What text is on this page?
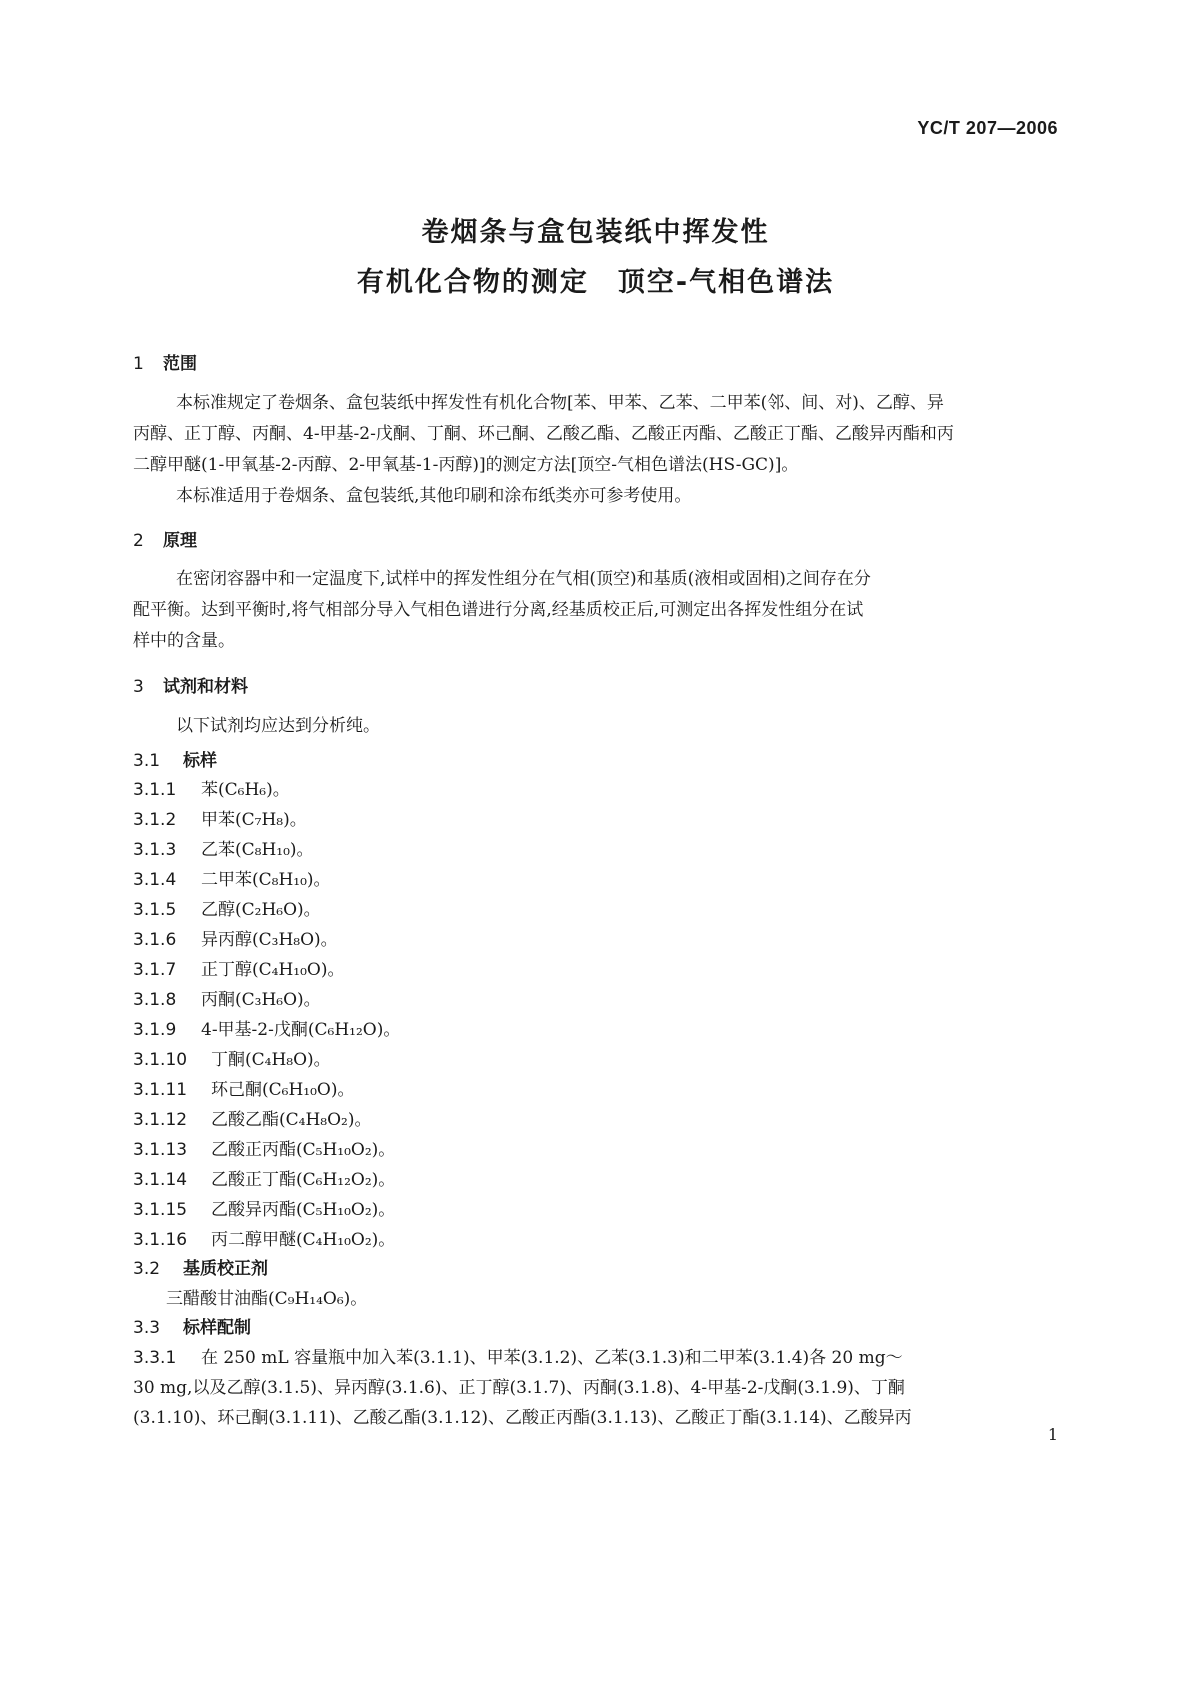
YC/T 207—2006
卷烟条与盒包装纸中挥发性
有机化合物的测定　顶空-气相色谱法
1 范围
本标准规定了卷烟条、盒包装纸中挥发性有机化合物[苯、甲苯、乙苯、二甲苯(邻、间、对)、乙醇、异
丙醇、正丁醇、丙酮、4-甲基-2-戊酮、丁酮、环己酮、乙酸乙酯、乙酸正丙酯、乙酸正丁酯、乙酸异丙酯和丙
二醇甲醚(1-甲氧基-2-丙醇、2-甲氧基-1-丙醇)]的测定方法[顶空-气相色谱法(HS-GC)]。
本标准适用于卷烟条、盒包装纸,其他印刷和涂布纸类亦可参考使用。
2 原理
在密闭容器中和一定温度下,试样中的挥发性组分在气相(顶空)和基质(液相或固相)之间存在分
配平衡。达到平衡时,将气相部分导入气相色谱进行分离,经基质校正后,可测定出各挥发性组分在试
样中的含量。
3 试剂和材料
以下试剂均应达到分析纯。
3.1 标样
3.1.1 苯(C₆H₆)。
3.1.2 甲苯(C₇H₈)。
3.1.3 乙苯(C₈H₁₀)。
3.1.4 二甲苯(C₈H₁₀)。
3.1.5 乙醇(C₂H₆O)。
3.1.6 异丙醇(C₃H₈O)。
3.1.7 正丁醇(C₄H₁₀O)。
3.1.8 丙酮(C₃H₆O)。
3.1.9 4-甲基-2-戊酮(C₆H₁₂O)。
3.1.10 丁酮(C₄H₈O)。
3.1.11 环己酮(C₆H₁₀O)。
3.1.12 乙酸乙酯(C₄H₈O₂)。
3.1.13 乙酸正丙酯(C₅H₁₀O₂)。
3.1.14 乙酸正丁酯(C₆H₁₂O₂)。
3.1.15 乙酸异丙酯(C₅H₁₀O₂)。
3.1.16 丙二醇甲醚(C₄H₁₀O₂)。
3.2 基质校正剂
三醋酸甘油酯(C₉H₁₄O₆)。
3.3 标样配制
3.3.1 在 250 mL 容量瓶中加入苯(3.1.1)、甲苯(3.1.2)、乙苯(3.1.3)和二甲苯(3.1.4)各 20 mg～
30 mg,以及乙醇(3.1.5)、异丙醇(3.1.6)、正丁醇(3.1.7)、丙酮(3.1.8)、4-甲基-2-戊酮(3.1.9)、丁酮
(3.1.10)、环己酮(3.1.11)、乙酸乙酯(3.1.12)、乙酸正丙酯(3.1.13)、乙酸正丁酯(3.1.14)、乙酸异丙
1
